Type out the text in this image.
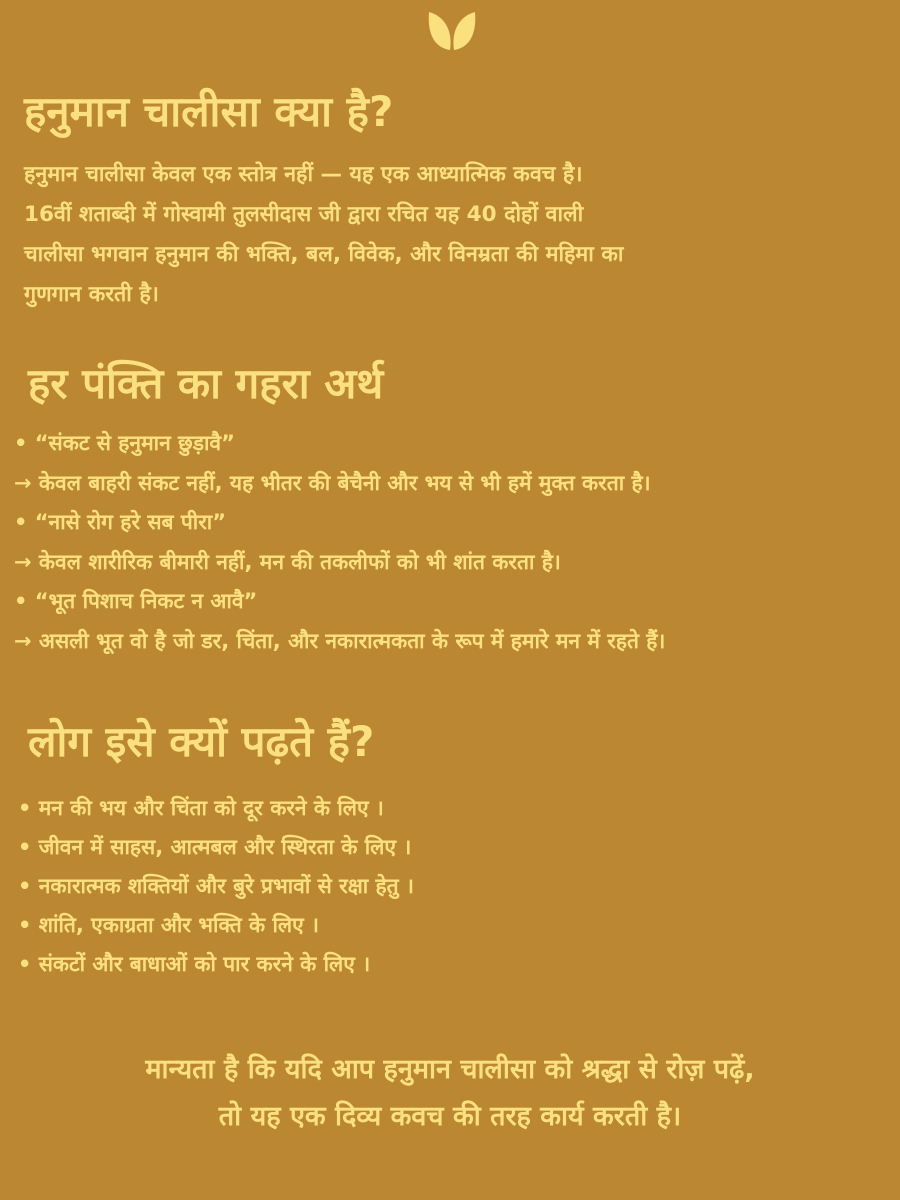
हनुमान चालीसा क्या है?

हनुमान चालीसा केवल एक स्तोत्र नहीं — यह एक आध्यात्मिक कवच है।
16वीं शताब्दी में गोस्वामी तुलसीदास जी द्वारा रचित यह 40 दोहों वाली
चालीसा भगवान हनुमान की भक्ति, बल, विवेक, और विनम्रता की महिमा का
गुणगान करती है।

हर पंक्ति का गहरा अर्थ
• “संकट से हनुमान छुड़ावै”
→ केवल बाहरी संकट नहीं, यह भीतर की बेचैनी और भय से भी हमें मुक्त करता है।
• “नासे रोग हरे सब पीरा”
→ केवल शारीरिक बीमारी नहीं, मन की तकलीफों को भी शांत करता है।
• “भूत पिशाच निकट न आवै”
→ असली भूत वो है जो डर, चिंता, और नकारात्मकता के रूप में हमारे मन में रहते हैं।
लोग इसे क्यों पढ़ते हैं?
• मन की भय और चिंता को दूर करने के लिए ।
• जीवन में साहस, आत्मबल और स्थिरता के लिए ।
• नकारात्मक शक्तियों और बुरे प्रभावों से रक्षा हेतु ।
• शांति, एकाग्रता और भक्ति के लिए ।
• संकटों और बाधाओं को पार करने के लिए ।

मान्यता है कि यदि आप हनुमान चालीसा को श्रद्धा से रोज़ पढ़ें,
तो यह एक दिव्य कवच की तरह कार्य करती है।
